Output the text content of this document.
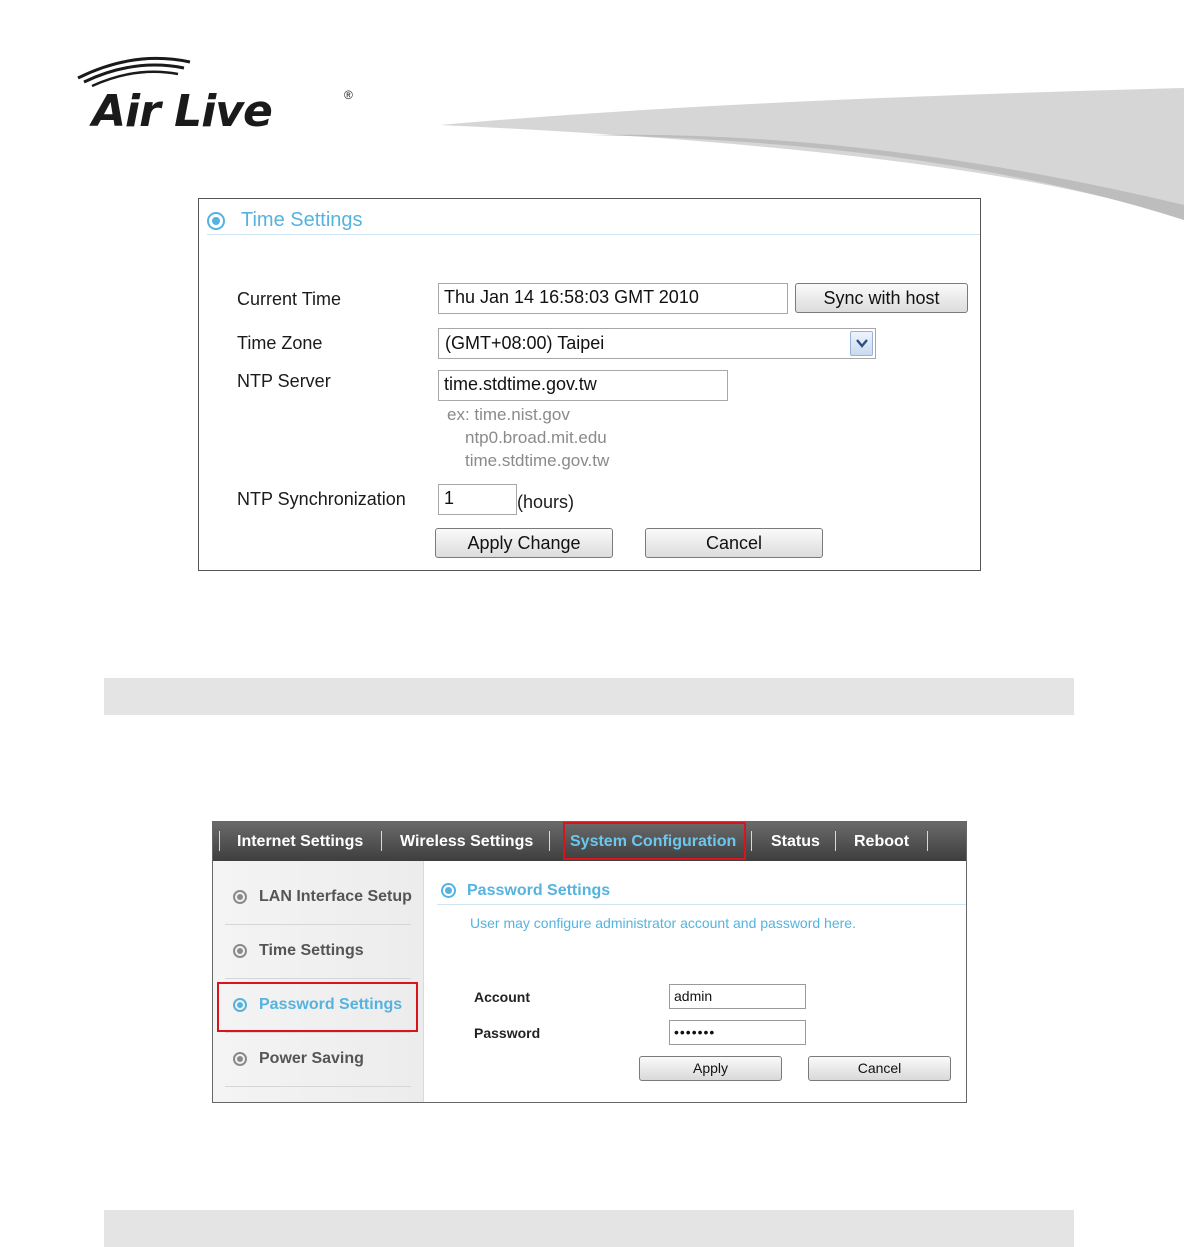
Air Live	®
Time Settings
Current Time	Thu Jan 14 16:58:03 GMT 2010	Sync with host
Time Zone	(GMT+08:00) Taipei
NTP Server	time.stdtime.gov.tw
ex: time.nist.gov
ntp0.broad.mit.edu
time.stdtime.gov.tw
NTP Synchronization	1	(hours)
Apply Change	Cancel
Internet Settings Wireless Settings System Configuration Status Reboot
LAN Interface Setup
Time Settings
Password Settings
Power Saving
Password Settings
User may configure administrator account and password here.
Account	admin
Password	•••••••
Apply	Cancel
